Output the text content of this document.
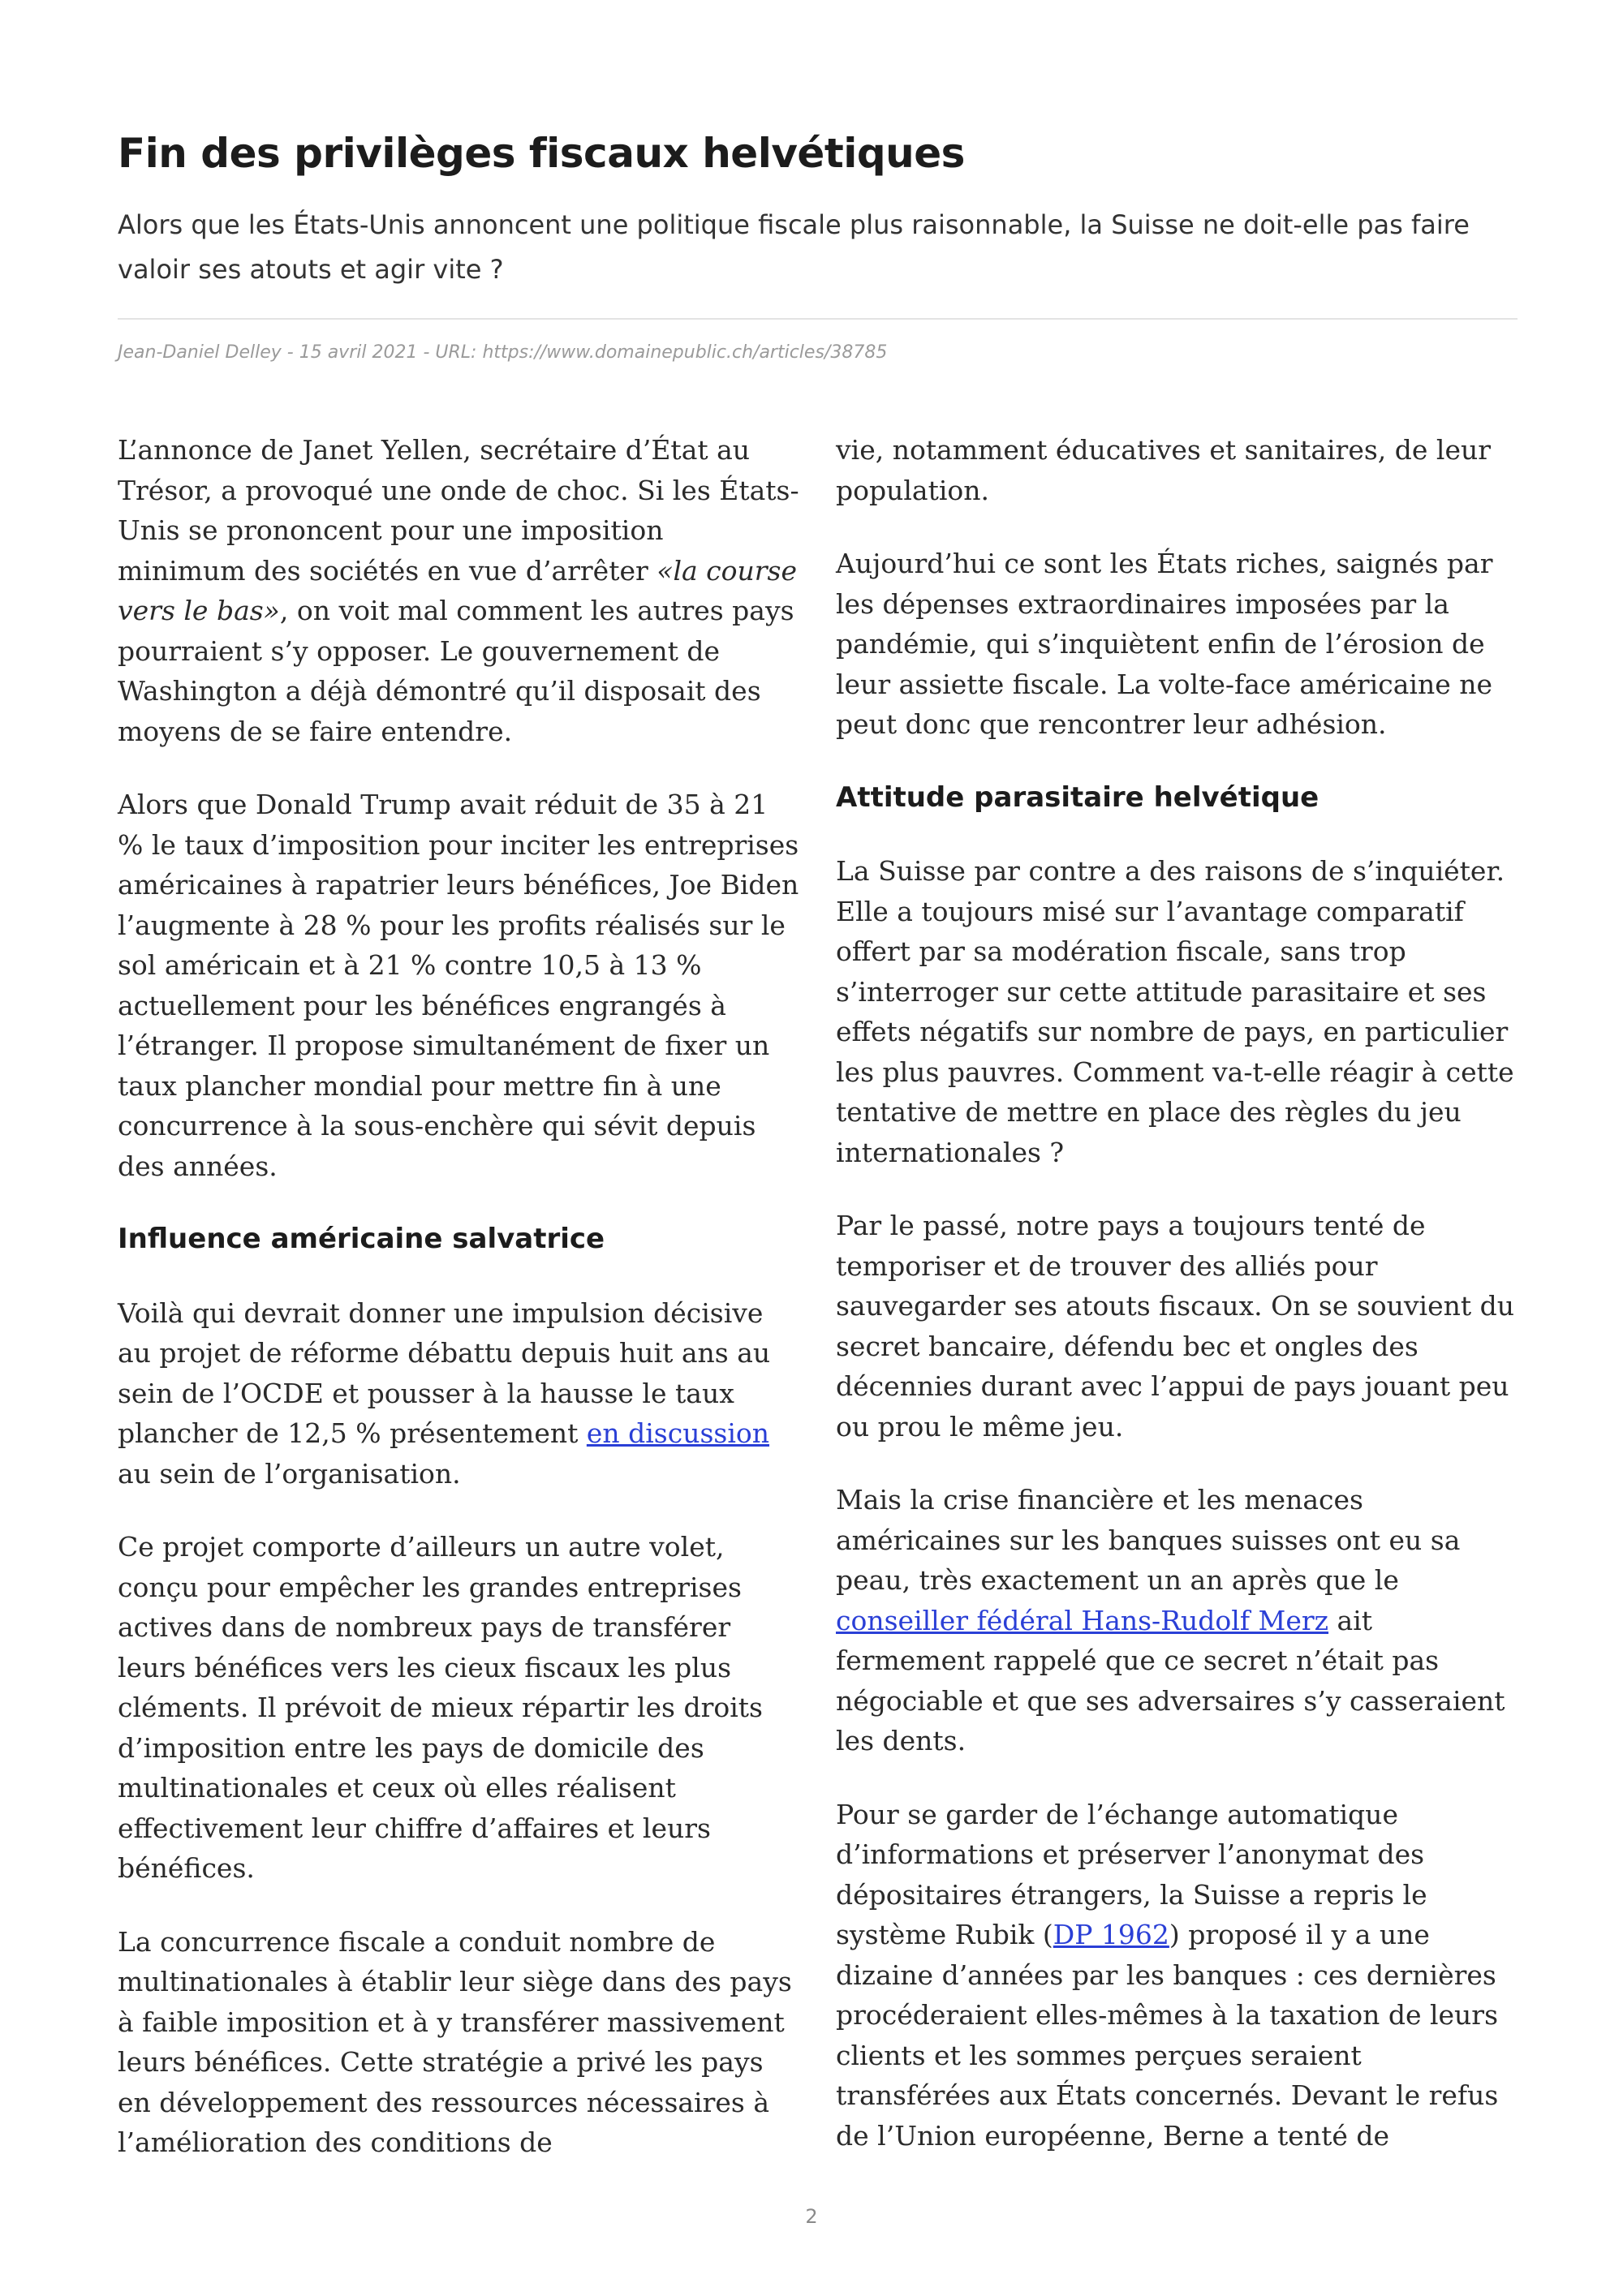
Fin des privilèges fiscaux helvétiques

Alors que les États-Unis annoncent une politique fiscale plus raisonnable, la Suisse ne doit-elle pas faire valoir ses atouts et agir vite ?

Jean-Daniel Delley - 15 avril 2021 - URL: https://www.domainepublic.ch/articles/38785

L’annonce de Janet Yellen, secrétaire d’État au Trésor, a provoqué une onde de choc. Si les États-Unis se prononcent pour une imposition minimum des sociétés en vue d’arrêter «la course vers le bas», on voit mal comment les autres pays pourraient s’y opposer. Le gouvernement de Washington a déjà démontré qu’il disposait des moyens de se faire entendre.

Alors que Donald Trump avait réduit de 35 à 21 % le taux d’imposition pour inciter les entreprises américaines à rapatrier leurs bénéfices, Joe Biden l’augmente à 28 % pour les profits réalisés sur le sol américain et à 21 % contre 10,5 à 13 % actuellement pour les bénéfices engrangés à l’étranger. Il propose simultanément de fixer un taux plancher mondial pour mettre fin à une concurrence à la sous-enchère qui sévit depuis des années.

Influence américaine salvatrice

Voilà qui devrait donner une impulsion décisive au projet de réforme débattu depuis huit ans au sein de l’OCDE et pousser à la hausse le taux plancher de 12,5 % présentement en discussion au sein de l’organisation.

Ce projet comporte d’ailleurs un autre volet, conçu pour empêcher les grandes entreprises actives dans de nombreux pays de transférer leurs bénéfices vers les cieux fiscaux les plus cléments. Il prévoit de mieux répartir les droits d’imposition entre les pays de domicile des multinationales et ceux où elles réalisent effectivement leur chiffre d’affaires et leurs bénéfices.

La concurrence fiscale a conduit nombre de multinationales à établir leur siège dans des pays à faible imposition et à y transférer massivement leurs bénéfices. Cette stratégie a privé les pays en développement des ressources nécessaires à l’amélioration des conditions de

vie, notamment éducatives et sanitaires, de leur population.

Aujourd’hui ce sont les États riches, saignés par les dépenses extraordinaires imposées par la pandémie, qui s’inquiètent enfin de l’érosion de leur assiette fiscale. La volte-face américaine ne peut donc que rencontrer leur adhésion.

Attitude parasitaire helvétique

La Suisse par contre a des raisons de s’inquiéter. Elle a toujours misé sur l’avantage comparatif offert par sa modération fiscale, sans trop s’interroger sur cette attitude parasitaire et ses effets négatifs sur nombre de pays, en particulier les plus pauvres. Comment va-t-elle réagir à cette tentative de mettre en place des règles du jeu internationales ?

Par le passé, notre pays a toujours tenté de temporiser et de trouver des alliés pour sauvegarder ses atouts fiscaux. On se souvient du secret bancaire, défendu bec et ongles des décennies durant avec l’appui de pays jouant peu ou prou le même jeu.

Mais la crise financière et les menaces américaines sur les banques suisses ont eu sa peau, très exactement un an après que le conseiller fédéral Hans-Rudolf Merz ait fermement rappelé que ce secret n’était pas négociable et que ses adversaires s’y casseraient les dents.

Pour se garder de l’échange automatique d’informations et préserver l’anonymat des dépositaires étrangers, la Suisse a repris le système Rubik (DP 1962) proposé il y a une dizaine d’années par les banques : ces dernières procéderaient elles-mêmes à la taxation de leurs clients et les sommes perçues seraient transférées aux États concernés. Devant le refus de l’Union européenne, Berne a tenté de

2
